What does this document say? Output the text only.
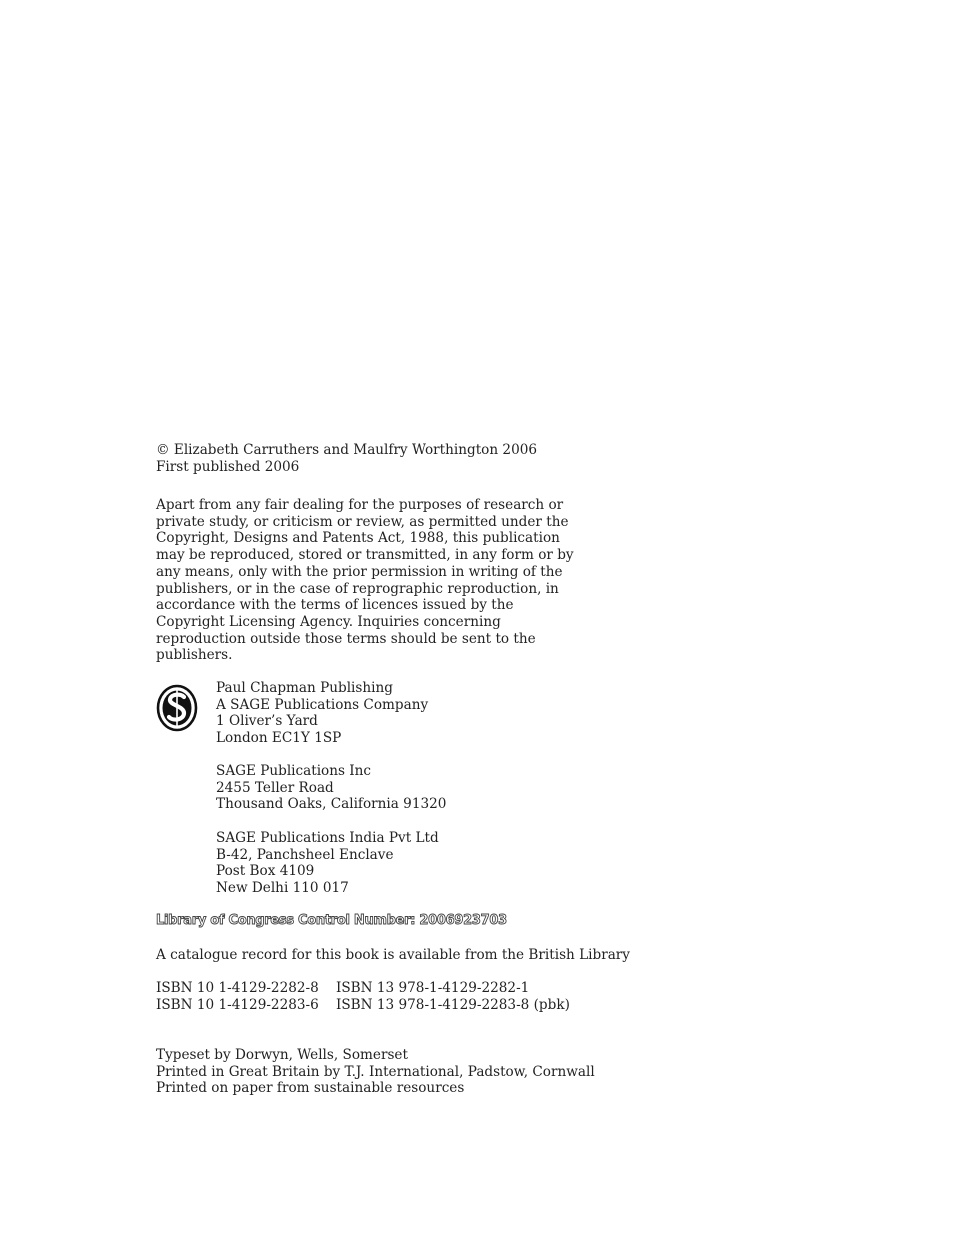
© Elizabeth Carruthers and Maulfry Worthington 2006
First published 2006
Apart from any fair dealing for the purposes of research or
private study, or criticism or review, as permitted under the
Copyright, Designs and Patents Act, 1988, this publication
may be reproduced, stored or transmitted, in any form or by
any means, only with the prior permission in writing of the
publishers, or in the case of reprographic reproduction, in
accordance with the terms of licences issued by the
Copyright Licensing Agency. Inquiries concerning
reproduction outside those terms should be sent to the
publishers.
Paul Chapman Publishing
A SAGE Publications Company
1 Oliver’s Yard
London EC1Y 1SP
SAGE Publications Inc
2455 Teller Road
Thousand Oaks, California 91320
SAGE Publications India Pvt Ltd
B-42, Panchsheel Enclave
Post Box 4109
New Delhi 110 017
Library of Congress Control Number: 2006923703
A catalogue record for this book is available from the British Library
ISBN 10 1-4129-2282-8 ISBN 13 978-1-4129-2282-1
ISBN 10 1-4129-2283-6 ISBN 13 978-1-4129-2283-8 (pbk)
Typeset by Dorwyn, Wells, Somerset
Printed in Great Britain by T.J. International, Padstow, Cornwall
Printed on paper from sustainable resources
